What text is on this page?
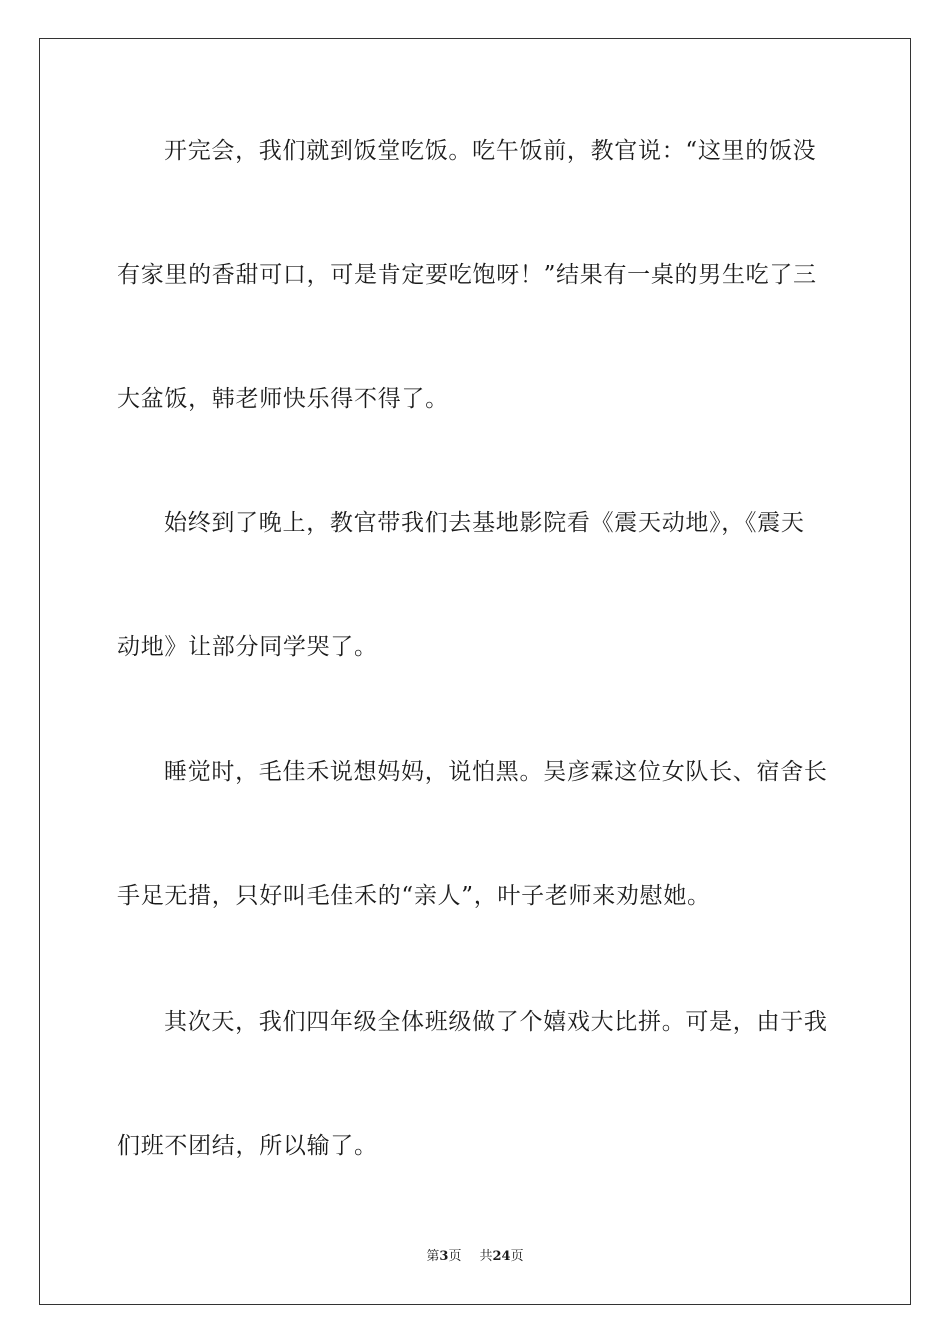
开完会，我们就到饭堂吃饭。吃午饭前，教官说：“这里的饭没
有家里的香甜可口，可是肯定要吃饱呀！”结果有一桌的男生吃了三
大盆饭，韩老师快乐得不得了。
始终到了晚上，教官带我们去基地影院看《震天动地》，《震天
动地》让部分同学哭了。
睡觉时，毛佳禾说想妈妈，说怕黑。吴彦霖这位女队长、宿舍长
手足无措，只好叫毛佳禾的“亲人”，叶子老师来劝慰她。
其次天，我们四年级全体班级做了个嬉戏大比拼。可是，由于我
们班不团结，所以输了。
第3页 共24页
